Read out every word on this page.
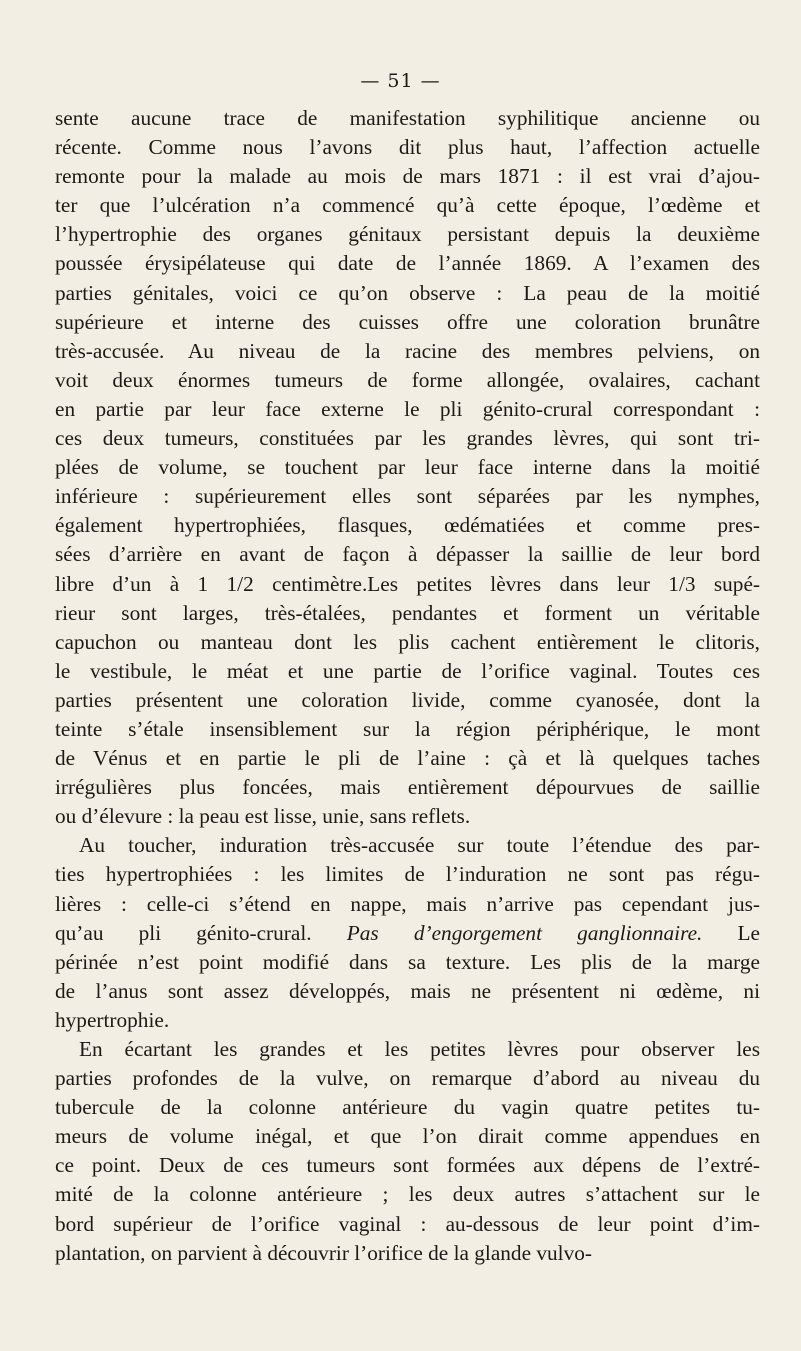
— 51 —
sente aucune trace de manifestation syphilitique ancienne ou
récente. Comme nous l’avons dit plus haut, l’affection actuelle
remonte pour la malade au mois de mars 1871 : il est vrai d’ajou-
ter que l’ulcération n’a commencé qu’à cette époque, l’œdème et
l’hypertrophie des organes génitaux persistant depuis la deuxième
poussée érysipélateuse qui date de l’année 1869. A l’examen des
parties génitales, voici ce qu’on observe : La peau de la moitié
supérieure et interne des cuisses offre une coloration brunâtre
très-accusée. Au niveau de la racine des membres pelviens, on
voit deux énormes tumeurs de forme allongée, ovalaires, cachant
en partie par leur face externe le pli génito-crural correspondant :
ces deux tumeurs, constituées par les grandes lèvres, qui sont tri-
plées de volume, se touchent par leur face interne dans la moitié
inférieure : supérieurement elles sont séparées par les nymphes,
également hypertrophiées, flasques, œdématiées et comme pres-
sées d’arrière en avant de façon à dépasser la saillie de leur bord
libre d’un à 1 1/2 centimètre.Les petites lèvres dans leur 1/3 supé-
rieur sont larges, très-étalées, pendantes et forment un véritable
capuchon ou manteau dont les plis cachent entièrement le clitoris,
le vestibule, le méat et une partie de l’orifice vaginal. Toutes ces
parties présentent une coloration livide, comme cyanosée, dont la
teinte s’étale insensiblement sur la région périphérique, le mont
de Vénus et en partie le pli de l’aine : çà et là quelques taches
irrégulières plus foncées, mais entièrement dépourvues de saillie
ou d’élevure : la peau est lisse, unie, sans reflets.
Au toucher, induration très-accusée sur toute l’étendue des par-
ties hypertrophiées : les limites de l’induration ne sont pas régu-
lières : celle-ci s’étend en nappe, mais n’arrive pas cependant jus-
qu’au pli génito-crural. Pas d’engorgement ganglionnaire. Le
périnée n’est point modifié dans sa texture. Les plis de la marge
de l’anus sont assez développés, mais ne présentent ni œdème, ni
hypertrophie.
En écartant les grandes et les petites lèvres pour observer les
parties profondes de la vulve, on remarque d’abord au niveau du
tubercule de la colonne antérieure du vagin quatre petites tu-
meurs de volume inégal, et que l’on dirait comme appendues en
ce point. Deux de ces tumeurs sont formées aux dépens de l’extré-
mité de la colonne antérieure ; les deux autres s’attachent sur le
bord supérieur de l’orifice vaginal : au-dessous de leur point d’im-
plantation, on parvient à découvrir l’orifice de la glande vulvo-
